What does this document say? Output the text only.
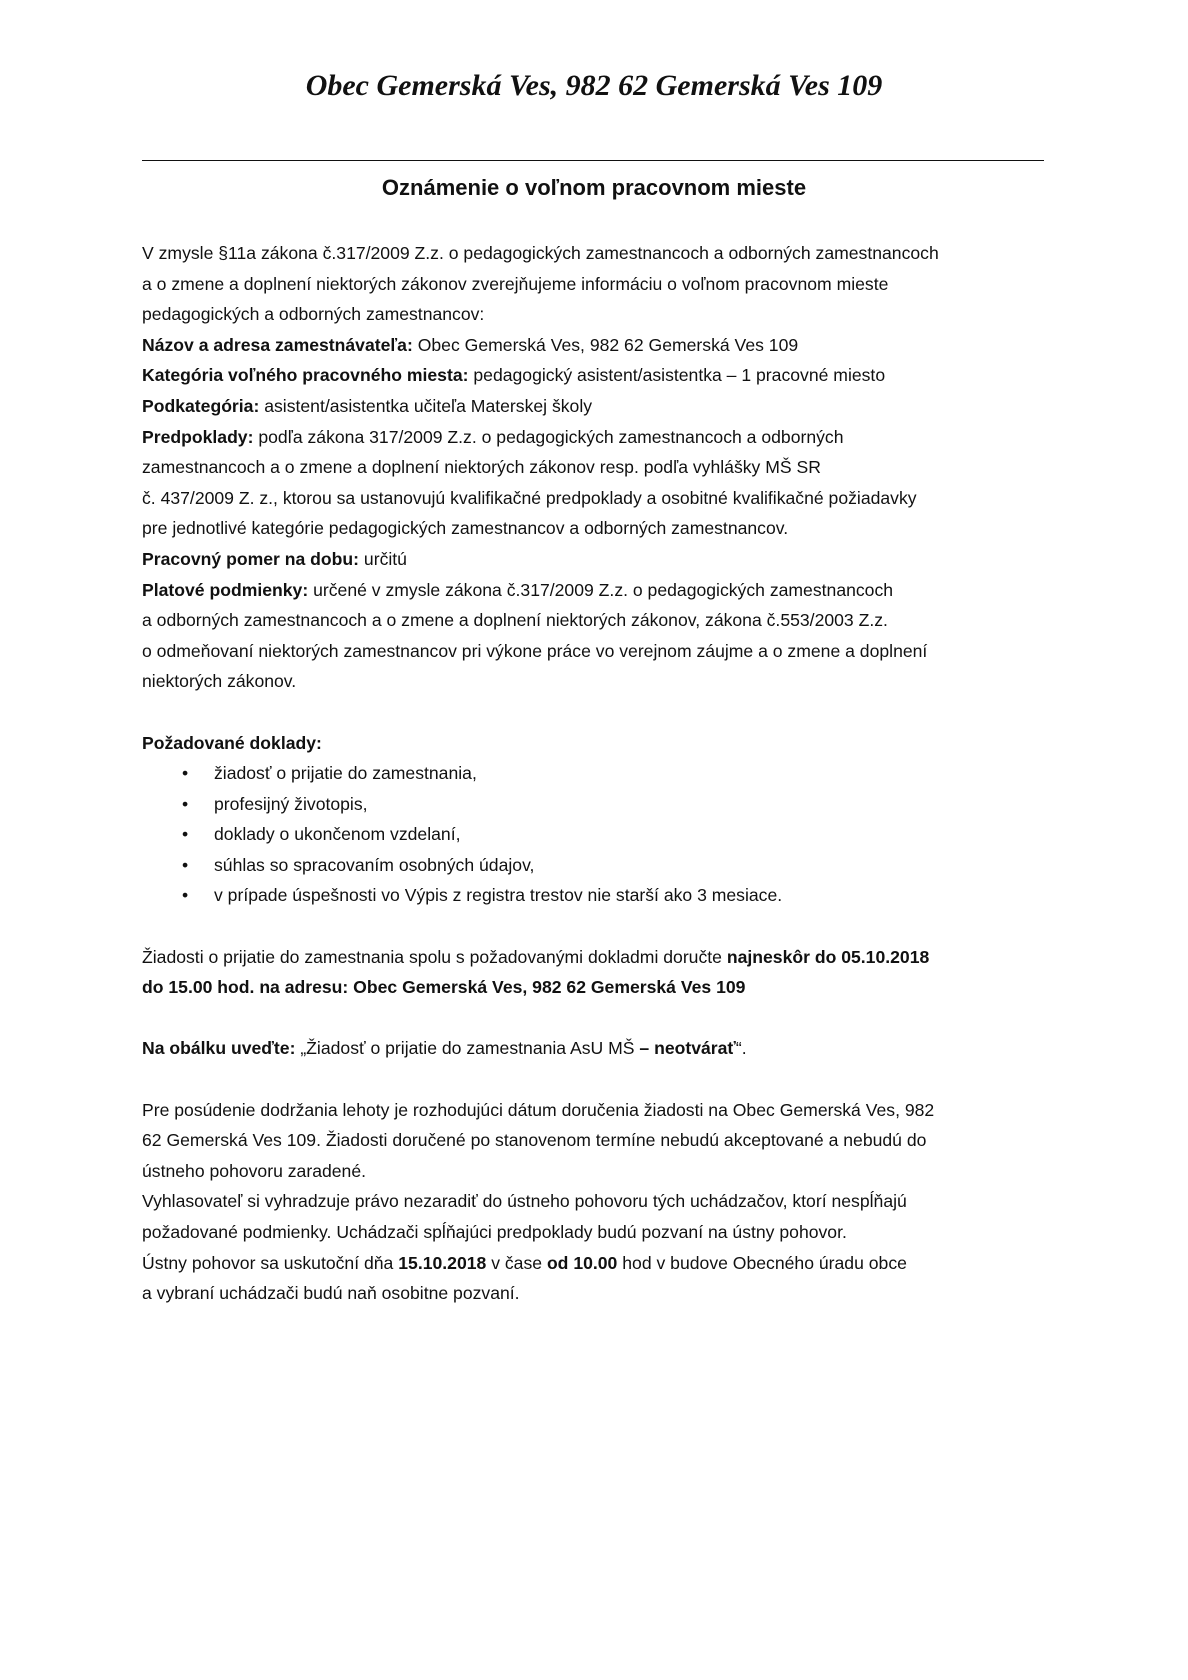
Obec Gemerská Ves, 982 62 Gemerská Ves 109
Oznámenie o voľnom pracovnom mieste
V zmysle §11a zákona č.317/2009 Z.z. o pedagogických zamestnancoch a odborných zamestnancoch
a o zmene a doplnení niektorých zákonov zverejňujeme informáciu o voľnom pracovnom mieste
pedagogických a odborných zamestnancov:
Názov a adresa zamestnávateľa: Obec Gemerská Ves, 982 62 Gemerská Ves 109
Kategória voľného pracovného miesta: pedagogický asistent/asistentka – 1 pracovné miesto
Podkategória: asistent/asistentka učiteľa Materskej školy
Predpoklady: podľa zákona 317/2009 Z.z. o pedagogických zamestnancoch a odborných
zamestnancoch a o zmene a doplnení niektorých zákonov resp. podľa vyhlášky MŠ SR
č. 437/2009 Z. z., ktorou sa ustanovujú kvalifikačné predpoklady a osobitné kvalifikačné požiadavky
pre jednotlivé kategórie pedagogických zamestnancov a odborných zamestnancov.
Pracovný pomer na dobu: určitú
Platové podmienky: určené v zmysle zákona č.317/2009 Z.z. o pedagogických zamestnancoch
a odborných zamestnancoch a o zmene a doplnení niektorých zákonov, zákona č.553/2003 Z.z.
o odmeňovaní niektorých zamestnancov pri výkone práce vo verejnom záujme a o zmene a doplnení
niektorých zákonov.
Požadované doklady:
• žiadosť o prijatie do zamestnania,
• profesijný životopis,
• doklady o ukončenom vzdelaní,
• súhlas so spracovaním osobných údajov,
• v prípade úspešnosti vo Výpis z registra trestov nie starší ako 3 mesiace.
Žiadosti o prijatie do zamestnania spolu s požadovanými dokladmi doručte najneskôr do 05.10.2018
do 15.00 hod. na adresu: Obec Gemerská Ves, 982 62 Gemerská Ves 109
Na obálku uveďte: „Žiadosť o prijatie do zamestnania AsU MŠ – neotvárať“.
Pre posúdenie dodržania lehoty je rozhodujúci dátum doručenia žiadosti na Obec Gemerská Ves, 982
62 Gemerská Ves 109. Žiadosti doručené po stanovenom termíne nebudú akceptované a nebudú do
ústneho pohovoru zaradené.
Vyhlasovateľ si vyhradzuje právo nezaradiť do ústneho pohovoru tých uchádzačov, ktorí nespĺňajú
požadované podmienky. Uchádzači spĺňajúci predpoklady budú pozvaní na ústny pohovor.
Ústny pohovor sa uskutoční dňa 15.10.2018 v čase od 10.00 hod v budove Obecného úradu obce
a vybraní uchádzači budú naň osobitne pozvaní.
